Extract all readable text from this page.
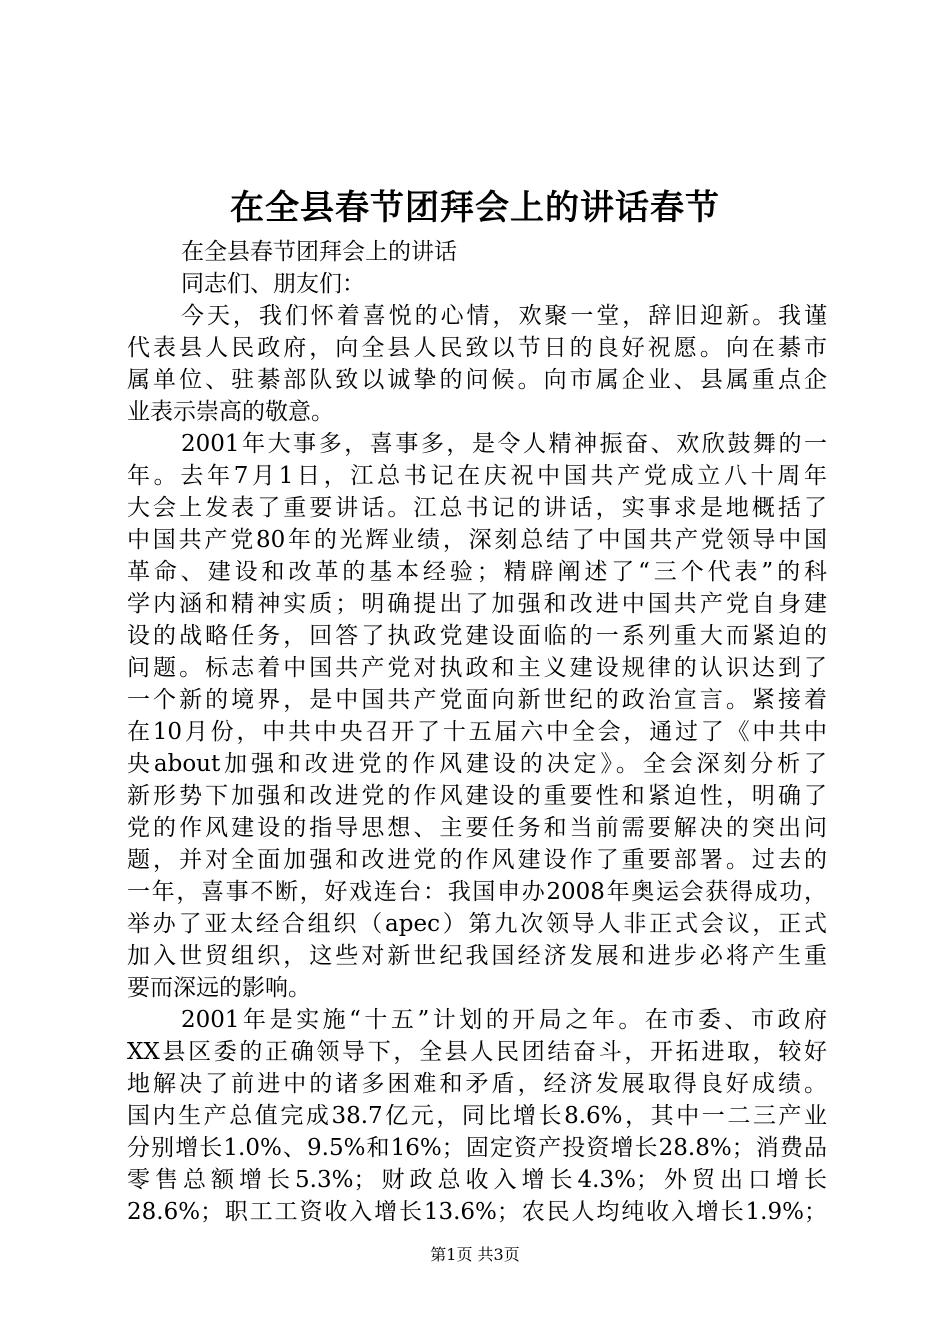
在全县春节团拜会上的讲话春节
在全县春节团拜会上的讲话
同志们、朋友们：
今天，我们怀着喜悦的心情，欢聚一堂，辞旧迎新。我谨
代表县人民政府，向全县人民致以节日的良好祝愿。向在綦市
属单位、驻綦部队致以诚挚的问候。向市属企业、县属重点企
业表示崇高的敬意。
2001年大事多，喜事多，是令人精神振奋、欢欣鼓舞的一
年。去年7月1日，江总书记在庆祝中国共产党成立八十周年
大会上发表了重要讲话。江总书记的讲话，实事求是地概括了
中国共产党80年的光辉业绩，深刻总结了中国共产党领导中国
革命、建设和改革的基本经验；精辟阐述了“三个代表”的科
学内涵和精神实质；明确提出了加强和改进中国共产党自身建
设的战略任务，回答了执政党建设面临的一系列重大而紧迫的
问题。标志着中国共产党对执政和主义建设规律的认识达到了
一个新的境界，是中国共产党面向新世纪的政治宣言。紧接着
在10月份，中共中央召开了十五届六中全会，通过了《中共中
央about加强和改进党的作风建设的决定》。全会深刻分析了
新形势下加强和改进党的作风建设的重要性和紧迫性，明确了
党的作风建设的指导思想、主要任务和当前需要解决的突出问
题，并对全面加强和改进党的作风建设作了重要部署。过去的
一年，喜事不断，好戏连台：我国申办2008年奥运会获得成功，
举办了亚太经合组织（apec）第九次领导人非正式会议，正式
加入世贸组织，这些对新世纪我国经济发展和进步必将产生重
要而深远的影响。
2001年是实施“十五”计划的开局之年。在市委、市政府
XX县区委的正确领导下，全县人民团结奋斗，开拓进取，较好
地解决了前进中的诸多困难和矛盾，经济发展取得良好成绩。
国内生产总值完成38.7亿元，同比增长8.6%，其中一二三产业
分别增长1.0%、9.5%和16%；固定资产投资增长28.8%；消费品
零售总额增长5.3%；财政总收入增长4.3%；外贸出口增长
28.6%；职工工资收入增长13.6%；农民人均纯收入增长1.9%；
第1页 共3页
